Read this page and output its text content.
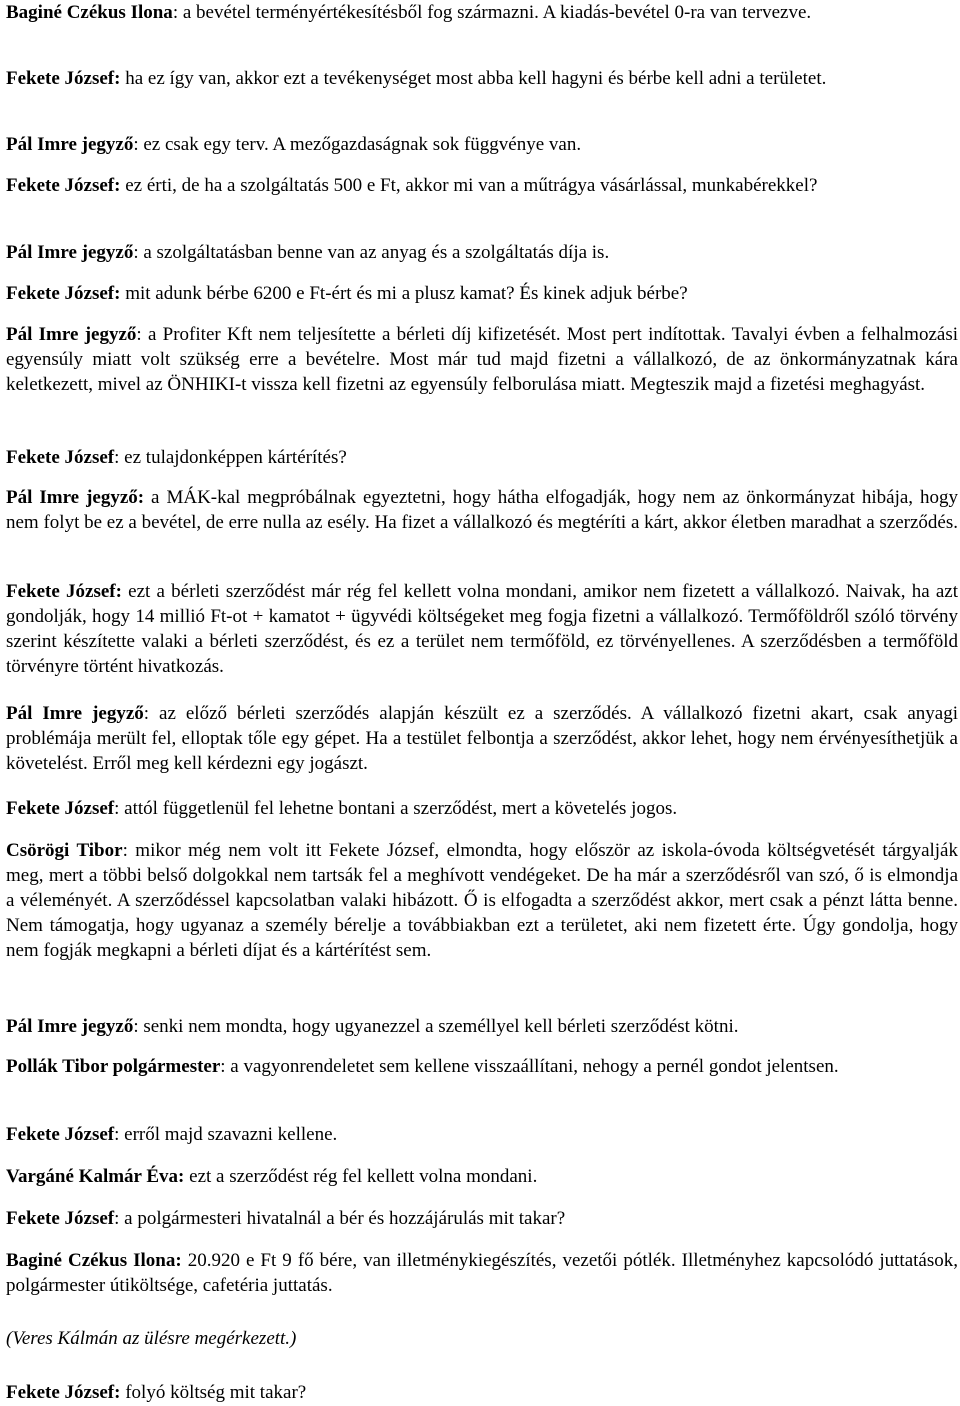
Baginé Czékus Ilona: a bevétel terményértékesítésből fog származni. A kiadás-bevétel 0-ra van tervezve.

Fekete József: ha ez így van, akkor ezt a tevékenységet most abba kell hagyni és bérbe kell adni a területet.

Pál Imre jegyző: ez csak egy terv. A mezőgazdaságnak sok függvénye van.

Fekete József: ez érti, de ha a szolgáltatás 500 e Ft, akkor mi van a műtrágya vásárlással, munkabérekkel?

Pál Imre jegyző: a szolgáltatásban benne van az anyag és a szolgáltatás díja is.

Fekete József: mit adunk bérbe 6200 e Ft-ért és mi a plusz kamat? És kinek adjuk bérbe?

Pál Imre jegyző: a Profiter Kft nem teljesítette a bérleti díj kifizetését. Most pert indítottak. Tavalyi évben a felhalmozási egyensúly miatt volt szükség erre a bevételre. Most már tud majd fizetni a vállalkozó, de az önkormányzatnak kára keletkezett, mivel az ÖNHIKI-t vissza kell fizetni az egyensúly felborulása miatt. Megteszik majd a fizetési meghagyást.

Fekete József: ez tulajdonképpen kártérítés?

Pál Imre jegyző: a MÁK-kal megpróbálnak egyeztetni, hogy hátha elfogadják, hogy nem az önkormányzat hibája, hogy nem folyt be ez a bevétel, de erre nulla az esély. Ha fizet a vállalkozó és megtéríti a kárt, akkor életben maradhat a szerződés.

Fekete József: ezt a bérleti szerződést már rég fel kellett volna mondani, amikor nem fizetett a vállalkozó. Naivak, ha azt gondolják, hogy 14 millió Ft-ot + kamatot + ügyvédi költségeket meg fogja fizetni a vállalkozó. Termőföldről szóló törvény szerint készítette valaki a bérleti szerződést, és ez a terület nem termőföld, ez törvényellenes. A szerződésben a termőföld törvényre történt hivatkozás.

Pál Imre jegyző: az előző bérleti szerződés alapján készült ez a szerződés. A vállalkozó fizetni akart, csak anyagi problémája merült fel, elloptak tőle egy gépet. Ha a testület felbontja a szerződést, akkor lehet, hogy nem érvényesíthetjük a követelést. Erről meg kell kérdezni egy jogászt.

Fekete József: attól függetlenül fel lehetne bontani a szerződést, mert a követelés jogos.

Csörögi Tibor: mikor még nem volt itt Fekete József, elmondta, hogy először az iskola-óvoda költségvetését tárgyalják meg, mert a többi belső dolgokkal nem tartsák fel a meghívott vendégeket. De ha már a szerződésről van szó, ő is elmondja a véleményét. A szerződéssel kapcsolatban valaki hibázott. Ő is elfogadta a szerződést akkor, mert csak a pénzt látta benne. Nem támogatja, hogy ugyanaz a személy bérelje a továbbiakban ezt a területet, aki nem fizetett érte. Úgy gondolja, hogy nem fogják megkapni a bérleti díjat és a kártérítést sem.

Pál Imre jegyző: senki nem mondta, hogy ugyanezzel a személlyel kell bérleti szerződést kötni.

Pollák Tibor polgármester: a vagyonrendeletet sem kellene visszaállítani, nehogy a pernél gondot jelentsen.

Fekete József: erről majd szavazni kellene.

Vargáné Kalmár Éva: ezt a szerződést rég fel kellett volna mondani.

Fekete József: a polgármesteri hivatalnál a bér és hozzájárulás mit takar?

Baginé Czékus Ilona: 20.920 e Ft 9 fő bére, van illetménykiegészítés, vezetői pótlék. Illetményhez kapcsolódó juttatások, polgármester útiköltsége, cafetéria juttatás.

(Veres Kálmán az ülésre megérkezett.)

Fekete József: folyó költség mit takar?
